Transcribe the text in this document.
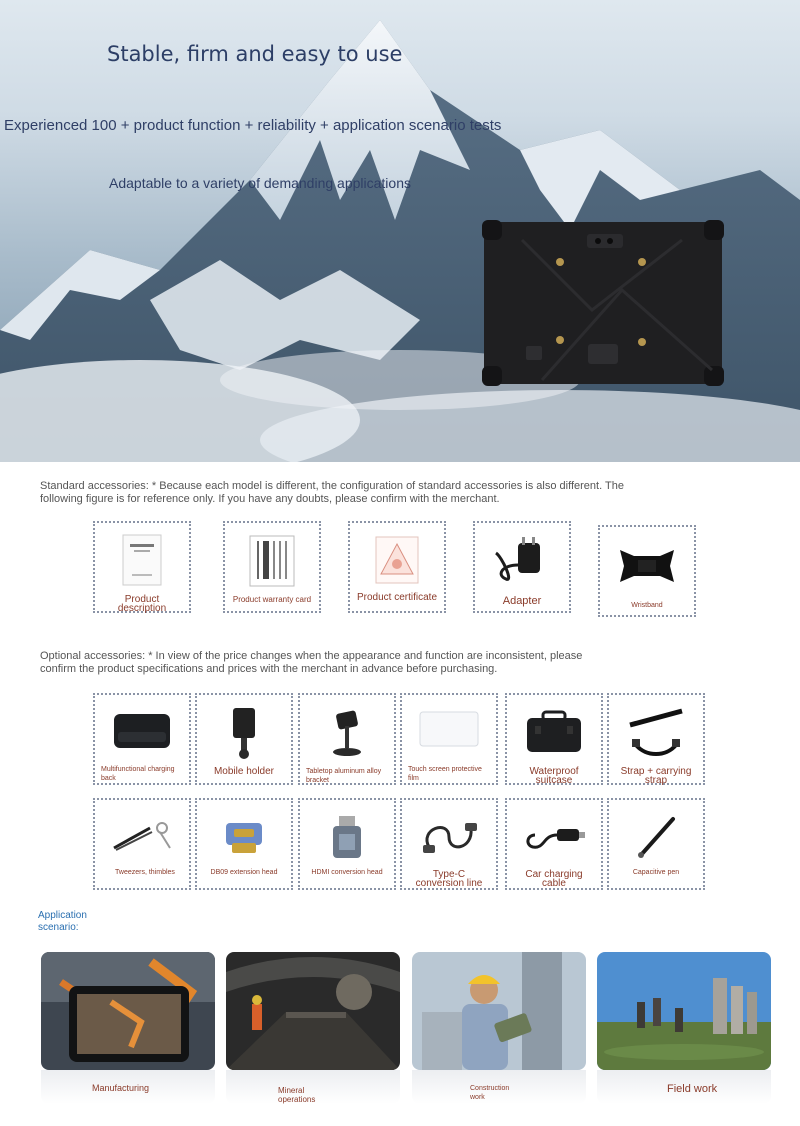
Stable, firm and easy to use
Experienced 100 + product function + reliability + application scenario tests
Adaptable to a variety of demanding applications
Standard accessories: * Because each model is different, the configuration of standard accessories is also different. The following figure is for reference only. If you have any doubts, please confirm with the merchant.
Product description
Product warranty card	Product certificate	Adapter	Wristband
Optional accessories: * In view of the price changes when the appearance and function are inconsistent, please confirm the product specifications and prices with the merchant in advance before purchasing.
Multifunctional charging back
Mobile holder	Tabletop aluminum alloy bracket
Touch screen protective film
Waterproof suitcase
Strap + carrying strap
Tweezers, thimbles	DB09 extension head	HDMI conversion head	Type-C conversion line
Car charging cable
Capacitive pen
Application scenario:
Manufacturing	Mineral operations
Construction work
Field work
